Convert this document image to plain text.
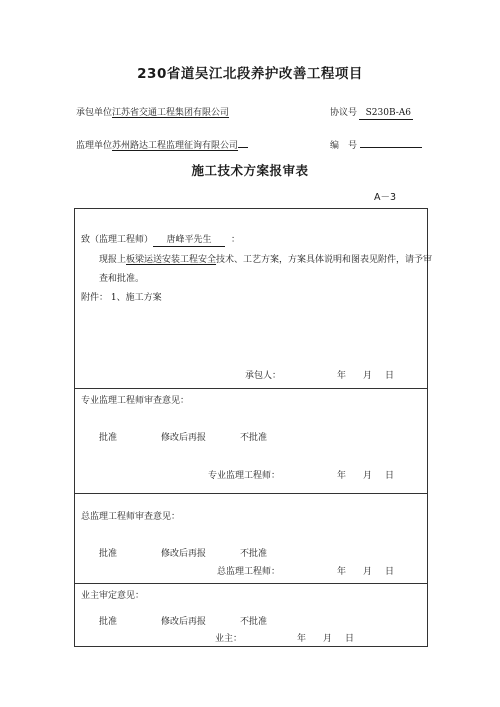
230省道吴江北段养护改善工程项目
承包单位江苏省交通工程集团有限公司	协议号 S230B-A6
监理单位苏州路达工程监理征询有限公司	编　号
施工技术方案报审表
A－3
致（监理工程师） 唐峰平先生 ：
现报上板梁运送安装工程安全技术、工艺方案，方案具体说明和图表见附件，请予审查和批准。
附件： 1、施工方案
承包人：	年 月 日
专业监理工程师审查意见：
批准	修改后再报	不批准
专业监理工程师：	年 月 日
总监理工程师审查意见：
批准	修改后再报	不批准
总监理工程师：	年 月 日
业主审定意见：
批准	修改后再报	不批准
业主：	年 月 日
